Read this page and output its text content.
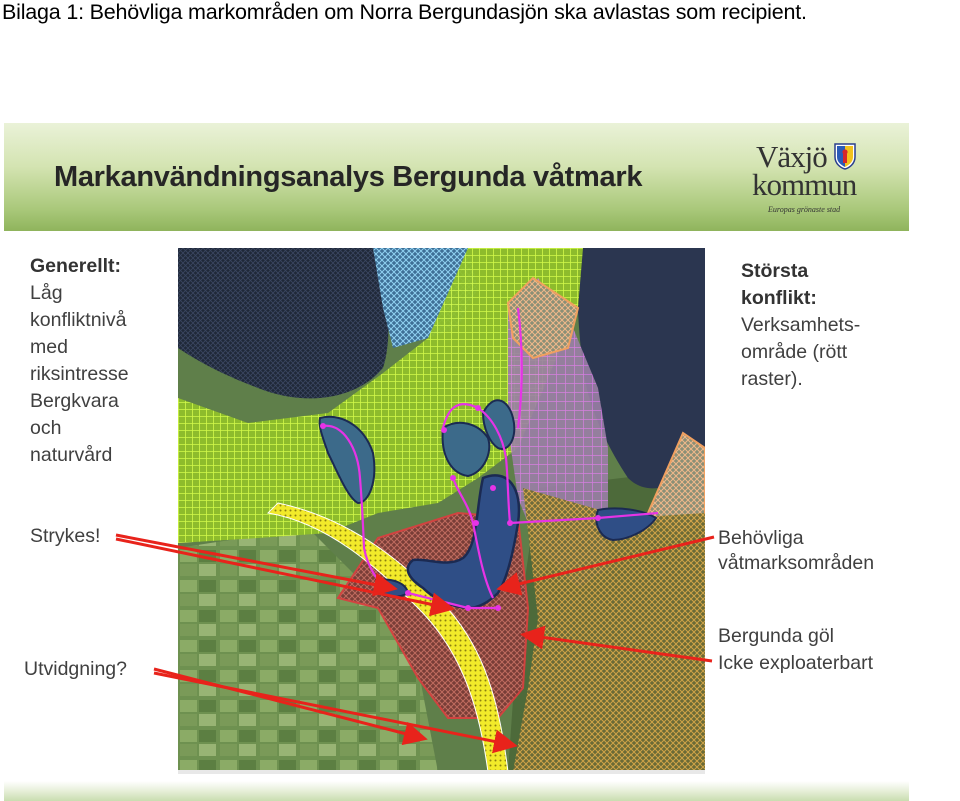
Bilaga 1: Behövliga markområden om Norra Bergundasjön ska avlastas som recipient.
Markanvändningsanalys Bergunda våtmark
Växjö
kommun
Europas grönaste stad
Generellt:
Låg
konfliktnivå
med
riksintresse
Bergkvara
och
naturvård
Största
konflikt:
Verksamhets-
område (rött
raster).
Strykes!
Utvidgning?
Behövliga
våtmarksområden
Bergunda göl
Icke exploaterbart
